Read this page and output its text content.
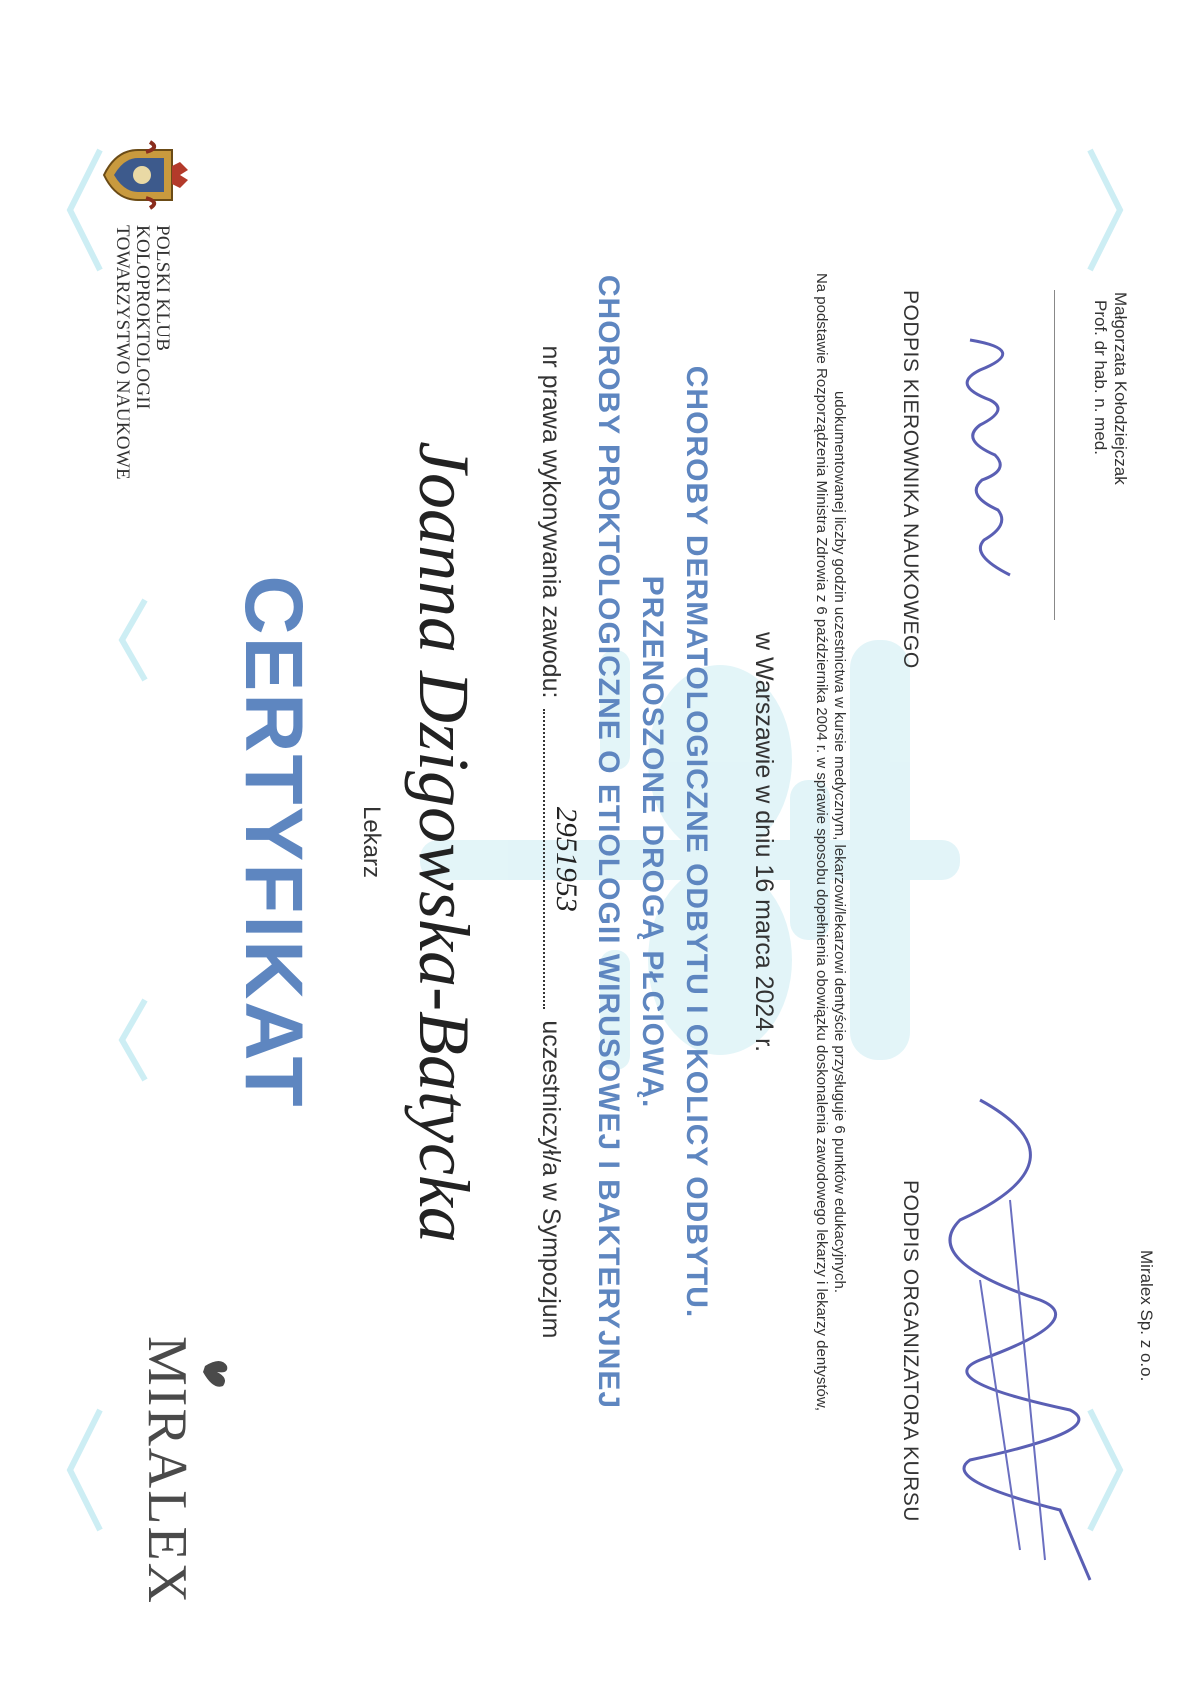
POLSKI KLUB
KOLOPROKTOLOGII
TOWARZYSTWO NAUKOWE
MIRALEX
CERTYFIKAT Lekarz Joanna Dzigowska-Batycka nr prawa wykonywania zawodu:
2951953
uczestniczył/a w Sympozjum CHOROBY PROKTOLOGICZNE O ETIOLOGII WIRUSOWEJ I BAKTERYJNEJ PRZENOSZONE DROGĄ PŁCIOWĄ. CHOROBY DERMATOLOGICZNE ODBYTU I OKOLICY ODBYTU. w Warszawie w dniu 16 marca 2024 r. Na podstawie Rozporządzenia Ministra Zdrowia z 6 października 2004 r. w sprawie sposobu dopełnienia obowiązku doskonalenia zawodowego lekarzy i lekarzy dentystów, udokumentowanej liczby godzin uczestnictwa w kursie medycznym, lekarzowi/lekarzowi dentyście przysługuje 6 punktów edukacyjnych. PODPIS KIEROWNIKA NAUKOWEGO	Prof. dr hab. n. med. Małgorzata Kołodziejczak
PODPIS ORGANIZATORA KURSU	Miralex Sp. z o.o.
